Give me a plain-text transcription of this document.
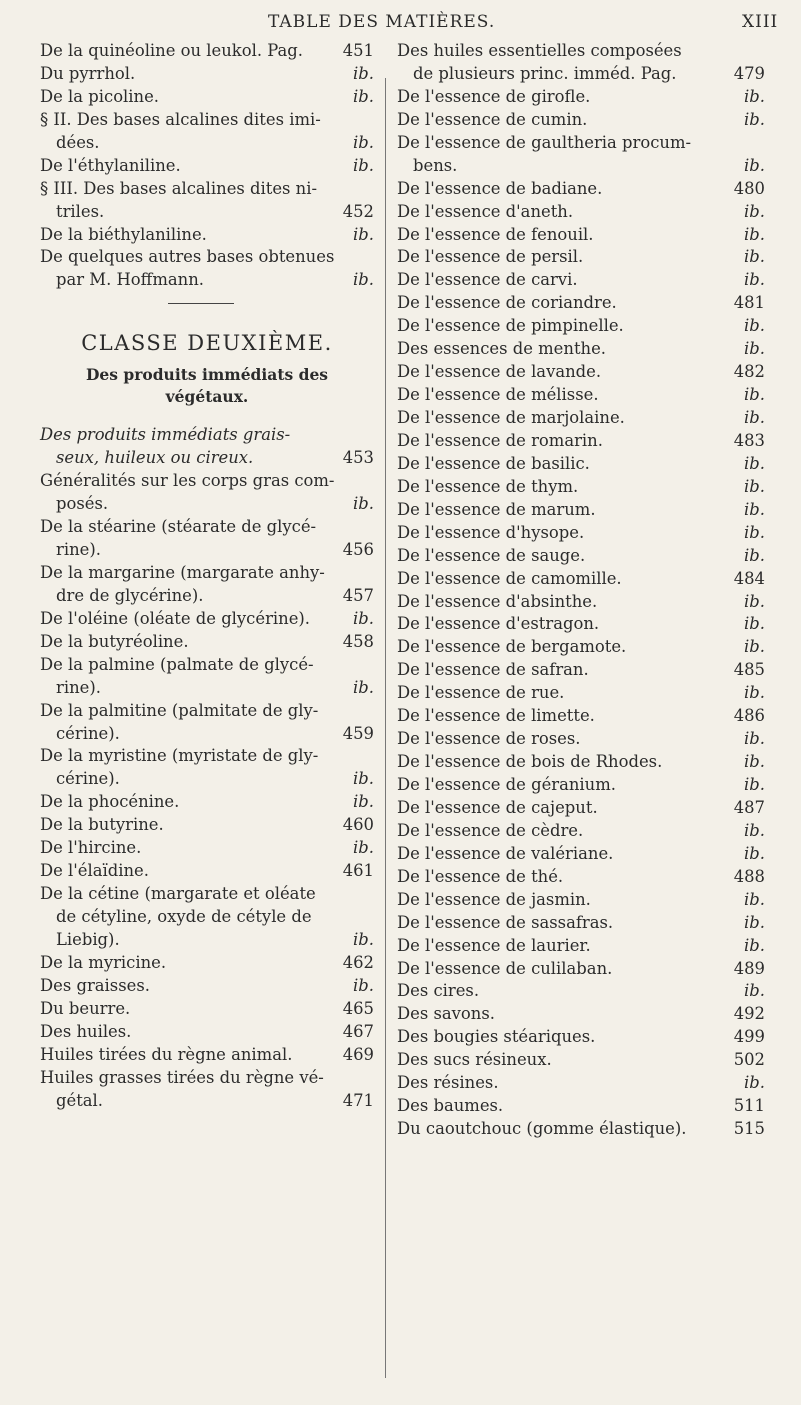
TABLE DES MATIÈRES.	XIII
De la quinéoline ou leukol. Pag. 451
Du pyrrhol.	ib.
De la picoline.	ib.
§ II. Des bases alcalines dites imi-
dées.	ib.
De l'éthylaniline.	ib.
§ III. Des bases alcalines dites ni-
triles.	452
De la biéthylaniline.	ib.
De quelques autres bases obtenues
par M. Hoffmann.	ib.
CLASSE DEUXIÈME.
Des produits immédiats des
végétaux.
Des produits immédiats grais-
seux, huileux ou cireux.	453
Généralités sur les corps gras com-
posés.	ib.
De la stéarine (stéarate de glycé-
rine).	456
De la margarine (margarate anhy-
dre de glycérine).	457
De l'oléine (oléate de glycérine).	ib.
De la butyréoline.	458
De la palmine (palmate de glycé-
rine).	ib.
De la palmitine (palmitate de gly-
cérine).	459
De la myristine (myristate de gly-
cérine).	ib.
De la phocénine.	ib.
De la butyrine.	460
De l'hircine.	ib.
De l'élaïdine.	461
De la cétine (margarate et oléate
de cétyline, oxyde de cétyle de
Liebig).	ib.
De la myricine.	462
Des graisses.	ib.
Du beurre.	465
Des huiles.	467
Huiles tirées du règne animal.	469
Huiles grasses tirées du règne vé-
gétal.	471
Des huiles essentielles composées
de plusieurs princ. imméd. Pag.	479
De l'essence de girofle.	ib.
De l'essence de cumin.	ib.
De l'essence de gaultheria procum-
bens.	ib.
De l'essence de badiane.	480
De l'essence d'aneth.	ib.
De l'essence de fenouil.	ib.
De l'essence de persil.	ib.
De l'essence de carvi.	ib.
De l'essence de coriandre.	481
De l'essence de pimpinelle.	ib.
Des essences de menthe.	ib.
De l'essence de lavande.	482
De l'essence de mélisse.	ib.
De l'essence de marjolaine.	ib.
De l'essence de romarin.	483
De l'essence de basilic.	ib.
De l'essence de thym.	ib.
De l'essence de marum.	ib.
De l'essence d'hysope.	ib.
De l'essence de sauge.	ib.
De l'essence de camomille.	484
De l'essence d'absinthe.	ib.
De l'essence d'estragon.	ib.
De l'essence de bergamote.	ib.
De l'essence de safran.	485
De l'essence de rue.	ib.
De l'essence de limette.	486
De l'essence de roses.	ib.
De l'essence de bois de Rhodes.	ib.
De l'essence de géranium.	ib.
De l'essence de cajeput.	487
De l'essence de cèdre.	ib.
De l'essence de valériane.	ib.
De l'essence de thé.	488
De l'essence de jasmin.	ib.
De l'essence de sassafras.	ib.
De l'essence de laurier.	ib.
De l'essence de culilaban.	489
Des cires.	ib.
Des savons.	492
Des bougies stéariques.	499
Des sucs résineux.	502
Des résines.	ib.
Des baumes.	511
Du caoutchouc (gomme élastique).	515
